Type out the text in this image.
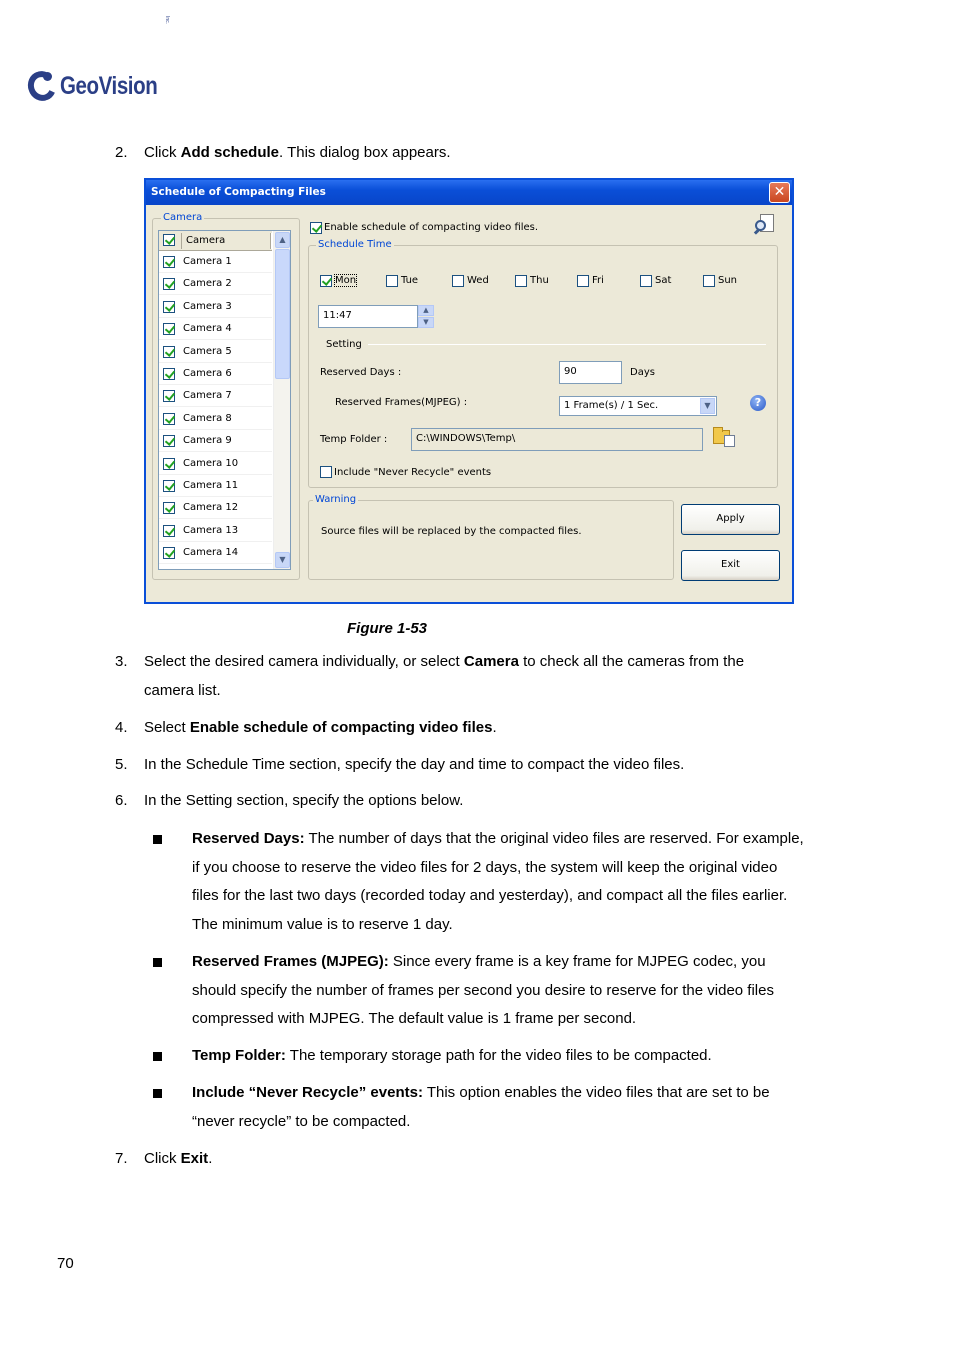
GeoVision
Inc.
2. Click Add schedule. This dialog box appears.
Schedule of Compacting Files	✕
Camera
Camera
Camera 1
Camera 2
Camera 3
Camera 4
Camera 5
Camera 6
Camera 7
Camera 8
Camera 9
Camera 10
Camera 11
Camera 12
Camera 13
Camera 14
▲
▼
Enable schedule of compacting video files.
Schedule Time
11:47	▲
▼
Setting
Reserved Days :	90	Days
Reserved Frames(MJPEG) :	1 Frame(s) / 1 Sec.	▼	?
Temp Folder :	C:\WINDOWS\Temp\
Include "Never Recycle" events
Warning
Source files will be replaced by the compacted files.
Apply
Exit
Mon	Tue	Wed	Thu	Fri	Sat	Sun
Figure 1-53
3. Select the desired camera individually, or select Camera to check all the cameras from the
camera list.
4. Select Enable schedule of compacting video files.
5. In the Schedule Time section, specify the day and time to compact the video files.
6. In the Setting section, specify the options below.
Reserved Days: The number of days that the original video files are reserved. For example,
if you choose to reserve the video files for 2 days, the system will keep the original video
files for the last two days (recorded today and yesterday), and compact all the files earlier.
The minimum value is to reserve 1 day.
Reserved Frames (MJPEG): Since every frame is a key frame for MJPEG codec, you
should specify the number of frames per second you desire to reserve for the video files
compressed with MJPEG. The default value is 1 frame per second.
Temp Folder: The temporary storage path for the video files to be compacted.
Include “Never Recycle” events: This option enables the video files that are set to be
“never recycle” to be compacted.
7. Click Exit.
70
